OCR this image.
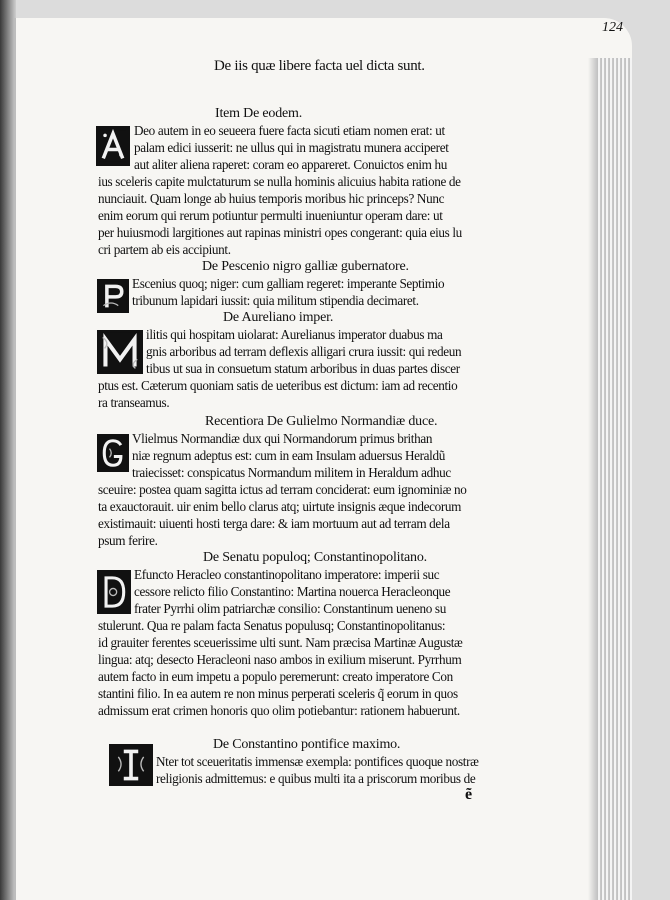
124
De iis quæ libere facta uel dicta sunt.
Item De eodem.
Deo autem in eo seueera fuere facta sicuti etiam nomen erat: ut
palam edici iusserit: ne ullus qui in magistratu munera acciperet
aut aliter aliena raperet: coram eo appareret. Conuictos enim hu
ius sceleris capite mulctaturum se nulla hominis alicuius habita ratione de
nunciauit. Quam longe ab huius temporis moribus hic princeps? Nunc
enim eorum qui rerum potiuntur permulti inueniuntur operam dare: ut
per huiusmodi largitiones aut rapinas ministri opes congerant: quia eius lu
cri partem ab eis accipiunt.
De Pescenio nigro galliæ gubernatore.
Escenius quoq; niger: cum galliam regeret: imperante Septimio
tribunum lapidari iussit: quia militum stipendia decimaret.
De Aureliano imper.
ilitis qui hospitam uiolarat: Aurelianus imperator duabus ma
gnis arboribus ad terram deflexis alligari crura iussit: qui redeun
tibus ut sua in consuetum statum arboribus in duas partes discer
ptus est. Cæterum quoniam satis de ueteribus est dictum: iam ad recentio
ra transeamus.
Recentiora De Gulielmo Normandiæ duce.
Vlielmus Normandiæ dux qui Normandorum primus brithan
niæ regnum adeptus est: cum in eam Insulam aduersus Heraldũ
traiecisset: conspicatus Normandum militem in Heraldum adhuc
sceuire: postea quam sagitta ictus ad terram conciderat: eum ignominiæ no
ta exauctorauit. uir enim bello clarus atq; uirtute insignis æque indecorum
existimauit: uiuenti hosti terga dare: & iam mortuum aut ad terram dela
psum ferire.
De Senatu populoq; Constantinopolitano.
Efuncto Heracleo constantinopolitano imperatore: imperii suc
cessore relicto filio Constantino: Martina nouerca Heracleonque
frater Pyrrhi olim patriarchæ consilio: Constantinum ueneno su
stulerunt. Qua re palam facta Senatus populusq; Constantinopolitanus:
id grauiter ferentes sceuerissime ulti sunt. Nam præcisa Martinæ Augustæ
lingua: atq; desecto Heracleoni naso ambos in exilium miserunt. Pyrrhum
autem facto in eum impetu a populo peremerunt: creato imperatore Con
stantini filio. In ea autem re non minus perperati sceleris q̃ eorum in quos
admissum erat crimen honoris quo olim potiebantur: rationem habuerunt.
De Constantino pontifice maximo.
Nter tot sceueritatis immensæ exempla: pontifices quoque nostræ
religionis admittemus: e quibus multi ita a priscorum moribus de
ẽ
